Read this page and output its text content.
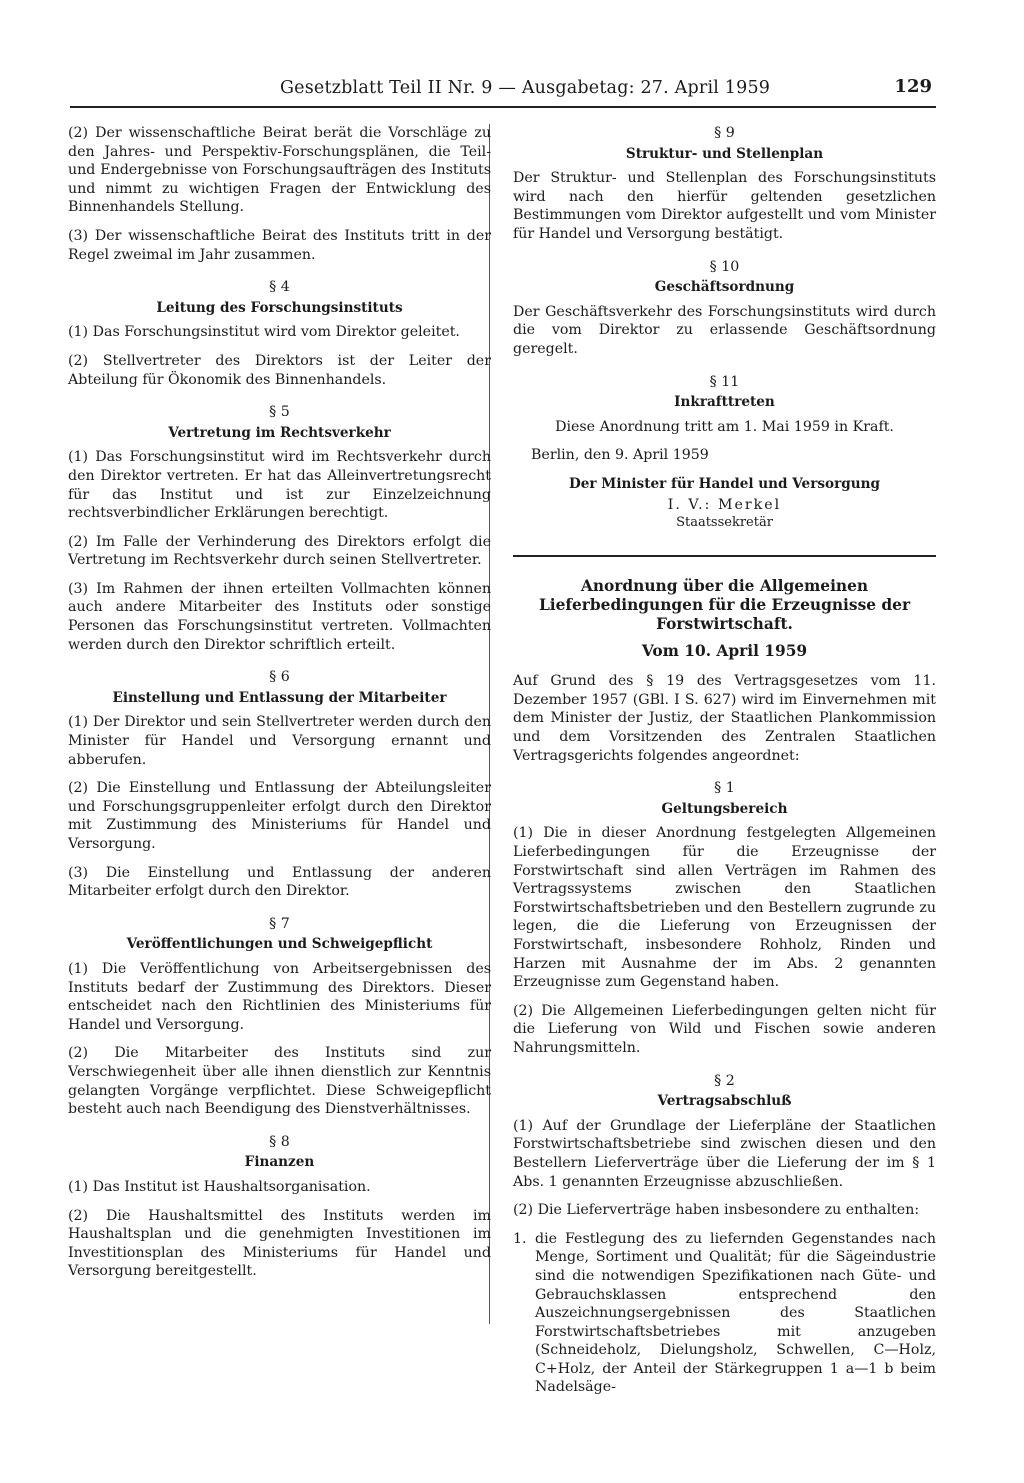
Gesetzblatt Teil II Nr. 9 — Ausgabetag: 27. April 1959	129

(2) Der wissenschaftliche Beirat berät die Vorschläge zu den Jahres- und Perspektiv-Forschungsplänen, die Teil- und Endergebnisse von Forschungsaufträgen des Instituts und nimmt zu wichtigen Fragen der Entwicklung des Binnenhandels Stellung.

(3) Der wissenschaftliche Beirat des Instituts tritt in der Regel zweimal im Jahr zusammen.

§ 4
Leitung des Forschungsinstituts

(1) Das Forschungsinstitut wird vom Direktor geleitet.

(2) Stellvertreter des Direktors ist der Leiter der Abteilung für Ökonomik des Binnenhandels.

§ 5
Vertretung im Rechtsverkehr

(1) Das Forschungsinstitut wird im Rechtsverkehr durch den Direktor vertreten. Er hat das Alleinvertretungsrecht für das Institut und ist zur Einzelzeichnung rechtsverbindlicher Erklärungen berechtigt.

(2) Im Falle der Verhinderung des Direktors erfolgt die Vertretung im Rechtsverkehr durch seinen Stellvertreter.

(3) Im Rahmen der ihnen erteilten Vollmachten können auch andere Mitarbeiter des Instituts oder sonstige Personen das Forschungsinstitut vertreten. Vollmachten werden durch den Direktor schriftlich erteilt.

§ 6
Einstellung und Entlassung der Mitarbeiter

(1) Der Direktor und sein Stellvertreter werden durch den Minister für Handel und Versorgung ernannt und abberufen.

(2) Die Einstellung und Entlassung der Abteilungsleiter und Forschungsgruppenleiter erfolgt durch den Direktor mit Zustimmung des Ministeriums für Handel und Versorgung.

(3) Die Einstellung und Entlassung der anderen Mitarbeiter erfolgt durch den Direktor.

§ 7
Veröffentlichungen und Schweigepflicht

(1) Die Veröffentlichung von Arbeitsergebnissen des Instituts bedarf der Zustimmung des Direktors. Dieser entscheidet nach den Richtlinien des Ministeriums für Handel und Versorgung.

(2) Die Mitarbeiter des Instituts sind zur Verschwiegenheit über alle ihnen dienstlich zur Kenntnis gelangten Vorgänge verpflichtet. Diese Schweigepflicht besteht auch nach Beendigung des Dienstverhältnisses.

§ 8
Finanzen

(1) Das Institut ist Haushaltsorganisation.

(2) Die Haushaltsmittel des Instituts werden im Haushaltsplan und die genehmigten Investitionen im Investitionsplan des Ministeriums für Handel und Versorgung bereitgestellt.

§ 9
Struktur- und Stellenplan

Der Struktur- und Stellenplan des Forschungsinstituts wird nach den hierfür geltenden gesetzlichen Bestimmungen vom Direktor aufgestellt und vom Minister für Handel und Versorgung bestätigt.

§ 10
Geschäftsordnung

Der Geschäftsverkehr des Forschungsinstituts wird durch die vom Direktor zu erlassende Geschäftsordnung geregelt.

§ 11
Inkrafttreten

Diese Anordnung tritt am 1. Mai 1959 in Kraft.

Berlin, den 9. April 1959

Der Minister für Handel und Versorgung
I. V.: Merkel
Staatssekretär
Anordnung über die Allgemeinen Lieferbedingungen für die Erzeugnisse der Forstwirtschaft.
Vom 10. April 1959

Auf Grund des § 19 des Vertragsgesetzes vom 11. Dezember 1957 (GBl. I S. 627) wird im Einvernehmen mit dem Minister der Justiz, der Staatlichen Plankommission und dem Vorsitzenden des Zentralen Staatlichen Vertragsgerichts folgendes angeordnet:

§ 1
Geltungsbereich

(1) Die in dieser Anordnung festgelegten Allgemeinen Lieferbedingungen für die Erzeugnisse der Forstwirtschaft sind allen Verträgen im Rahmen des Vertragssystems zwischen den Staatlichen Forstwirtschaftsbetrieben und den Bestellern zugrunde zu legen, die die Lieferung von Erzeugnissen der Forstwirtschaft, insbesondere Rohholz, Rinden und Harzen mit Ausnahme der im Abs. 2 genannten Erzeugnisse zum Gegenstand haben.

(2) Die Allgemeinen Lieferbedingungen gelten nicht für die Lieferung von Wild und Fischen sowie anderen Nahrungsmitteln.

§ 2
Vertragsabschluß

(1) Auf der Grundlage der Lieferpläne der Staatlichen Forstwirtschaftsbetriebe sind zwischen diesen und den Bestellern Lieferverträge über die Lieferung der im § 1 Abs. 1 genannten Erzeugnisse abzuschließen.

(2) Die Lieferverträge haben insbesondere zu enthalten:

1. die Festlegung des zu liefernden Gegenstandes nach Menge, Sortiment und Qualität; für die Sägeindustrie sind die notwendigen Spezifikationen nach Güte- und Gebrauchsklassen entsprechend den Auszeichnungsergebnissen des Staatlichen Forstwirtschaftsbetriebes mit anzugeben (Schneideholz, Dielungsholz, Schwellen, C—Holz, C+Holz, der Anteil der Stärkegruppen 1 a—1 b beim Nadelsäge-
